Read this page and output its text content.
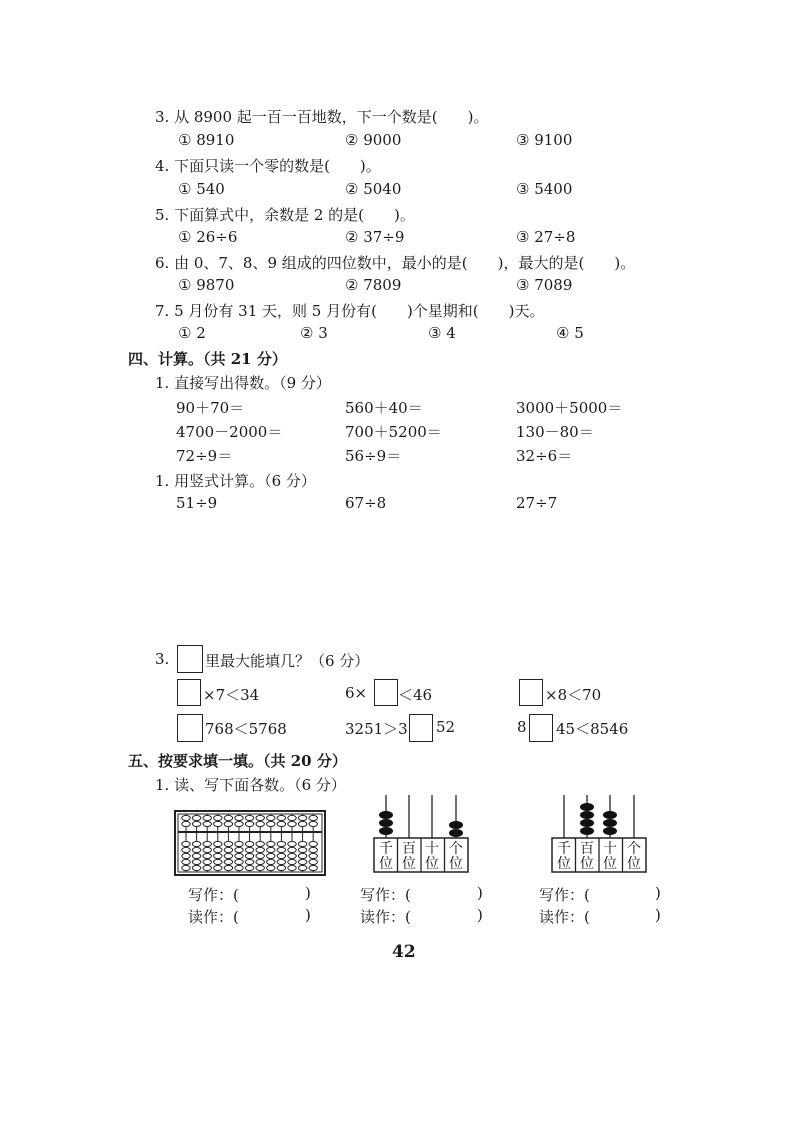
3. 从 8900 起一百一百地数，下一个数是(　　)。
① 8910	② 9000	③ 9100
4. 下面只读一个零的数是(　　)。
① 540	② 5040	③ 5400
5. 下面算式中，余数是 2 的是(　　)。
① 26÷6	② 37÷9	③ 27÷8
6. 由 0、7、8、9 组成的四位数中，最小的是(　　)，最大的是(　　)。
① 9870	② 7809	③ 7089
7. 5 月份有 31 天，则 5 月份有(　　)个星期和(　　)天。
① 2	② 3	③ 4	④ 5
四、计算。（共 21 分）
1. 直接写出得数。（9 分）
90＋70＝	560＋40＝	3000＋5000＝
4700－2000＝	700＋5200＝	130－80＝
72÷9＝	56÷9＝	32÷6＝
1. 用竖式计算。（6 分）
51÷9	67÷8	27÷7
3. 里最大能填几？（6 分）
×7＜34	6× ＜46	×8＜70
768＜5768	3251＞3 52	8 45＜8546
五、按要求填一填。（共 20 分）
1. 读、写下面各数。（6 分）
千
位
百
位
十
位
个
位
千
位
百
位
十
位
个
位
写作：(	)
读作：(	)
写作：(	)
读作：(	)
写作：(	)
读作：(	)
42
